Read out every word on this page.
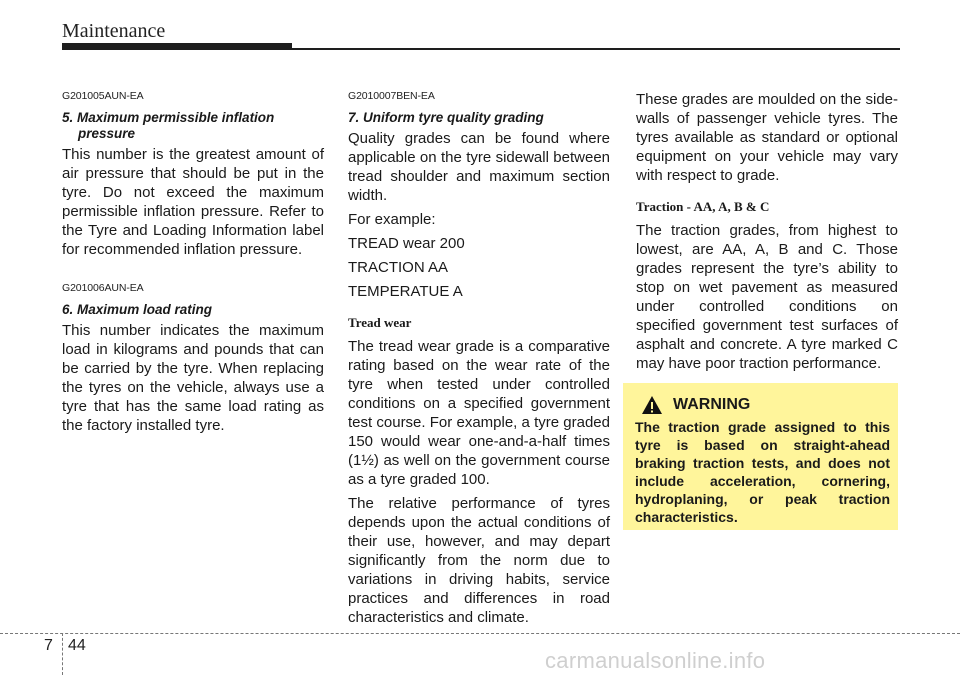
Maintenance
G201005AUN-EA
5. Maximum permissible inflation
pressure

This number is the greatest amount of air pressure that should be put in the tyre. Do not exceed the maximum permissible inflation pressure. Refer to the Tyre and Loading Information label for recommended inflation pressure.

G201006AUN-EA
6. Maximum load rating

This number indicates the maximum load in kilograms and pounds that can be carried by the tyre. When replacing the tyres on the vehicle, always use a tyre that has the same load rating as the factory installed tyre.

G2010007BEN-EA
7. Uniform tyre quality grading

Quality grades can be found where applicable on the tyre sidewall between tread shoulder and maximum section width.

For example:

TREAD wear 200

TRACTION AA

TEMPERATUE A

Tread wear

The tread wear grade is a comparative rating based on the wear rate of the tyre when tested under controlled conditions on a specified government test course. For example, a tyre graded 150 would wear one-and-a-half times (1½) as well on the government course as a tyre graded 100.

The relative performance of tyres depends upon the actual conditions of their use, however, and may depart significantly from the norm due to variations in driving habits, service practices and differences in road characteristics and climate.

These grades are moulded on the side-walls of passenger vehicle tyres. The tyres available as standard or optional equipment on your vehicle may vary with respect to grade.

Traction - AA, A, B & C

The traction grades, from highest to lowest, are AA, A, B and C. Those grades represent the tyre’s ability to stop on wet pavement as measured under controlled conditions on specified government test surfaces of asphalt and concrete. A tyre marked C may have poor traction performance.

WARNING
The traction grade assigned to this tyre is based on straight-ahead braking traction tests, and does not include acceleration, cornering, hydroplaning, or peak traction characteristics.
7 44
carmanualsonline.info
